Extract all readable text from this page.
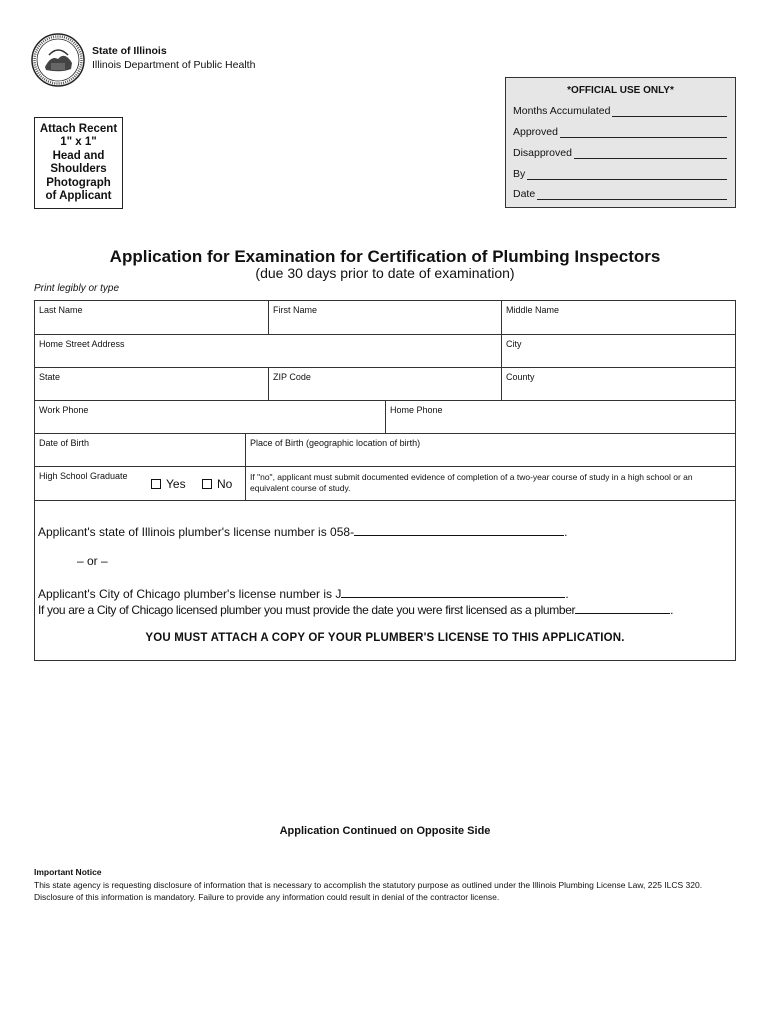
State of Illinois
Illinois Department of Public Health
Attach Recent
1" x 1"
Head and
Shoulders
Photograph
of Applicant
*OFFICIAL USE ONLY*
Months Accumulated
Approved
Disapproved
By
Date
Application for Examination for Certification of Plumbing Inspectors
(due 30 days prior to date of examination)
Print legibly or type
Last Name	First Name	Middle Name
Home Street Address	City
State	ZIP Code	County
Work Phone	Home Phone
Date of Birth	Place of Birth (geographic location of birth)
High School Graduate	If "no", applicant must submit documented evidence of completion of a two-year course of study in a high school or an equivalent course of study.
Yes	No
Applicant's state of Illinois plumber's license number is 058-	.
– or –
Applicant's City of Chicago plumber's license number is J	.
If you are a City of Chicago licensed plumber you must provide the date you were first licensed as a plumber	.
YOU MUST ATTACH A COPY OF YOUR PLUMBER'S LICENSE TO THIS APPLICATION.
Application Continued on Opposite Side
Important Notice
This state agency is requesting disclosure of information that is necessary to accomplish the statutory purpose as outlined under the Illinois Plumbing License Law, 225 ILCS 320. Disclosure of this information is mandatory. Failure to provide any information could result in denial of the contractor license.
